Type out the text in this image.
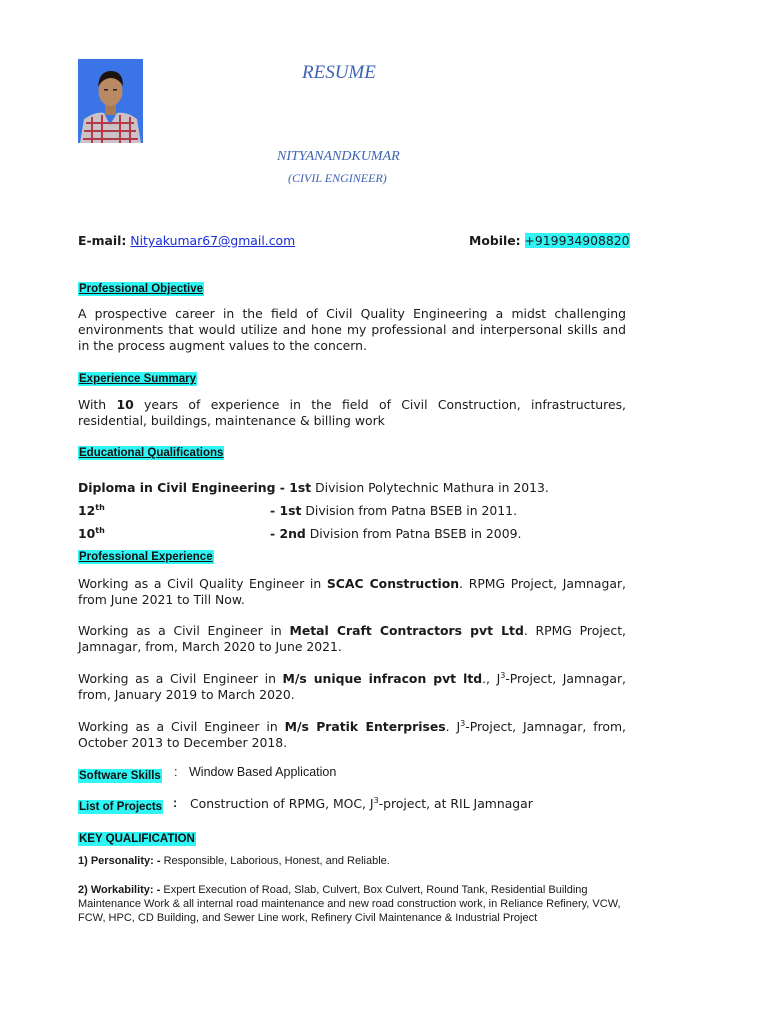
RESUME
NITYANANDKUMAR
(CIVIL ENGINEER)
E-mail: Nityakumar67@gmail.com	Mobile: +919934908820
Professional Objective
A prospective career in the field of Civil Quality Engineering a midst challenging environments that would utilize and hone my professional and interpersonal skills and in the process augment values to the concern.
Experience Summary
With 10 years of experience in the field of Civil Construction, infrastructures, residential, buildings, maintenance & billing work
Educational Qualifications
Diploma in Civil Engineering - 1st Division Polytechnic Mathura in 2013.
12th	- 1st Division from Patna BSEB in 2011.
10th	- 2nd Division from Patna BSEB in 2009.
Professional Experience
Working as a Civil Quality Engineer in SCAC Construction. RPMG Project, Jamnagar, from June 2021 to Till Now.
Working as a Civil Engineer in Metal Craft Contractors pvt Ltd. RPMG Project, Jamnagar, from, March 2020 to June 2021.
Working as a Civil Engineer in M/s unique infracon pvt ltd., $J^3$-Project, Jamnagar, from, January 2019 to March 2020.
Working as a Civil Engineer in M/s Pratik Enterprises. $J^3$-Project, Jamnagar, from, October 2013 to December 2018.
Software Skills : Window Based Application
List of Projects : Construction of RPMG, MOC, $J^3$-project, at RIL Jamnagar
KEY QUALIFICATION
1) Personality: - Responsible, Laborious, Honest, and Reliable.
2) Workability: - Expert Execution of Road, Slab, Culvert, Box Culvert, Round Tank, Residential Building Maintenance Work & all internal road maintenance and new road construction work, in Reliance Refinery, VCW, FCW, HPC, CD Building, and Sewer Line work, Refinery Civil Maintenance & Industrial Project
